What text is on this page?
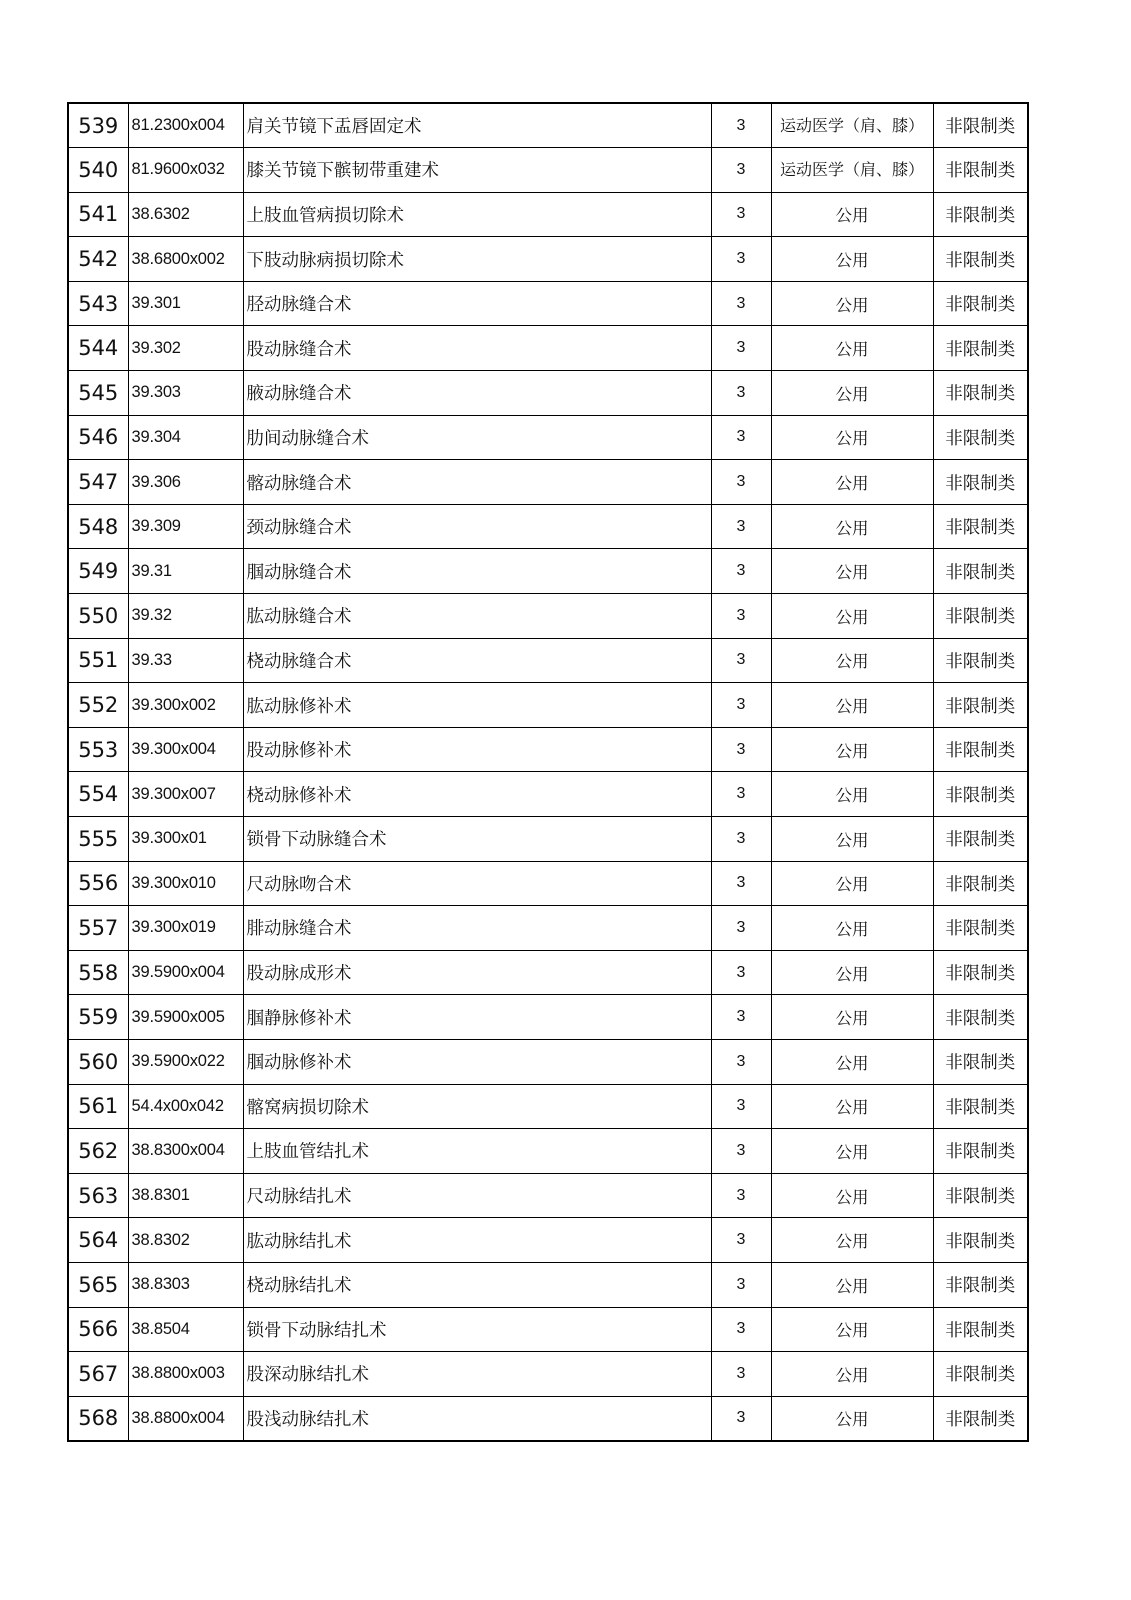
539	81.2300x004	肩关节镜下盂唇固定术	3	运动医学（肩、膝）	非限制类
540	81.9600x032	膝关节镜下髌韧带重建术	3	运动医学（肩、膝）	非限制类
541	38.6302	上肢血管病损切除术	3	公用	非限制类
542	38.6800x002	下肢动脉病损切除术	3	公用	非限制类
543	39.301	胫动脉缝合术	3	公用	非限制类
544	39.302	股动脉缝合术	3	公用	非限制类
545	39.303	腋动脉缝合术	3	公用	非限制类
546	39.304	肋间动脉缝合术	3	公用	非限制类
547	39.306	髂动脉缝合术	3	公用	非限制类
548	39.309	颈动脉缝合术	3	公用	非限制类
549	39.31	腘动脉缝合术	3	公用	非限制类
550	39.32	肱动脉缝合术	3	公用	非限制类
551	39.33	桡动脉缝合术	3	公用	非限制类
552	39.300x002	肱动脉修补术	3	公用	非限制类
553	39.300x004	股动脉修补术	3	公用	非限制类
554	39.300x007	桡动脉修补术	3	公用	非限制类
555	39.300x01	锁骨下动脉缝合术	3	公用	非限制类
556	39.300x010	尺动脉吻合术	3	公用	非限制类
557	39.300x019	腓动脉缝合术	3	公用	非限制类
558	39.5900x004	股动脉成形术	3	公用	非限制类
559	39.5900x005	腘静脉修补术	3	公用	非限制类
560	39.5900x022	腘动脉修补术	3	公用	非限制类
561	54.4x00x042	髂窝病损切除术	3	公用	非限制类
562	38.8300x004	上肢血管结扎术	3	公用	非限制类
563	38.8301	尺动脉结扎术	3	公用	非限制类
564	38.8302	肱动脉结扎术	3	公用	非限制类
565	38.8303	桡动脉结扎术	3	公用	非限制类
566	38.8504	锁骨下动脉结扎术	3	公用	非限制类
567	38.8800x003	股深动脉结扎术	3	公用	非限制类
568	38.8800x004	股浅动脉结扎术	3	公用	非限制类
